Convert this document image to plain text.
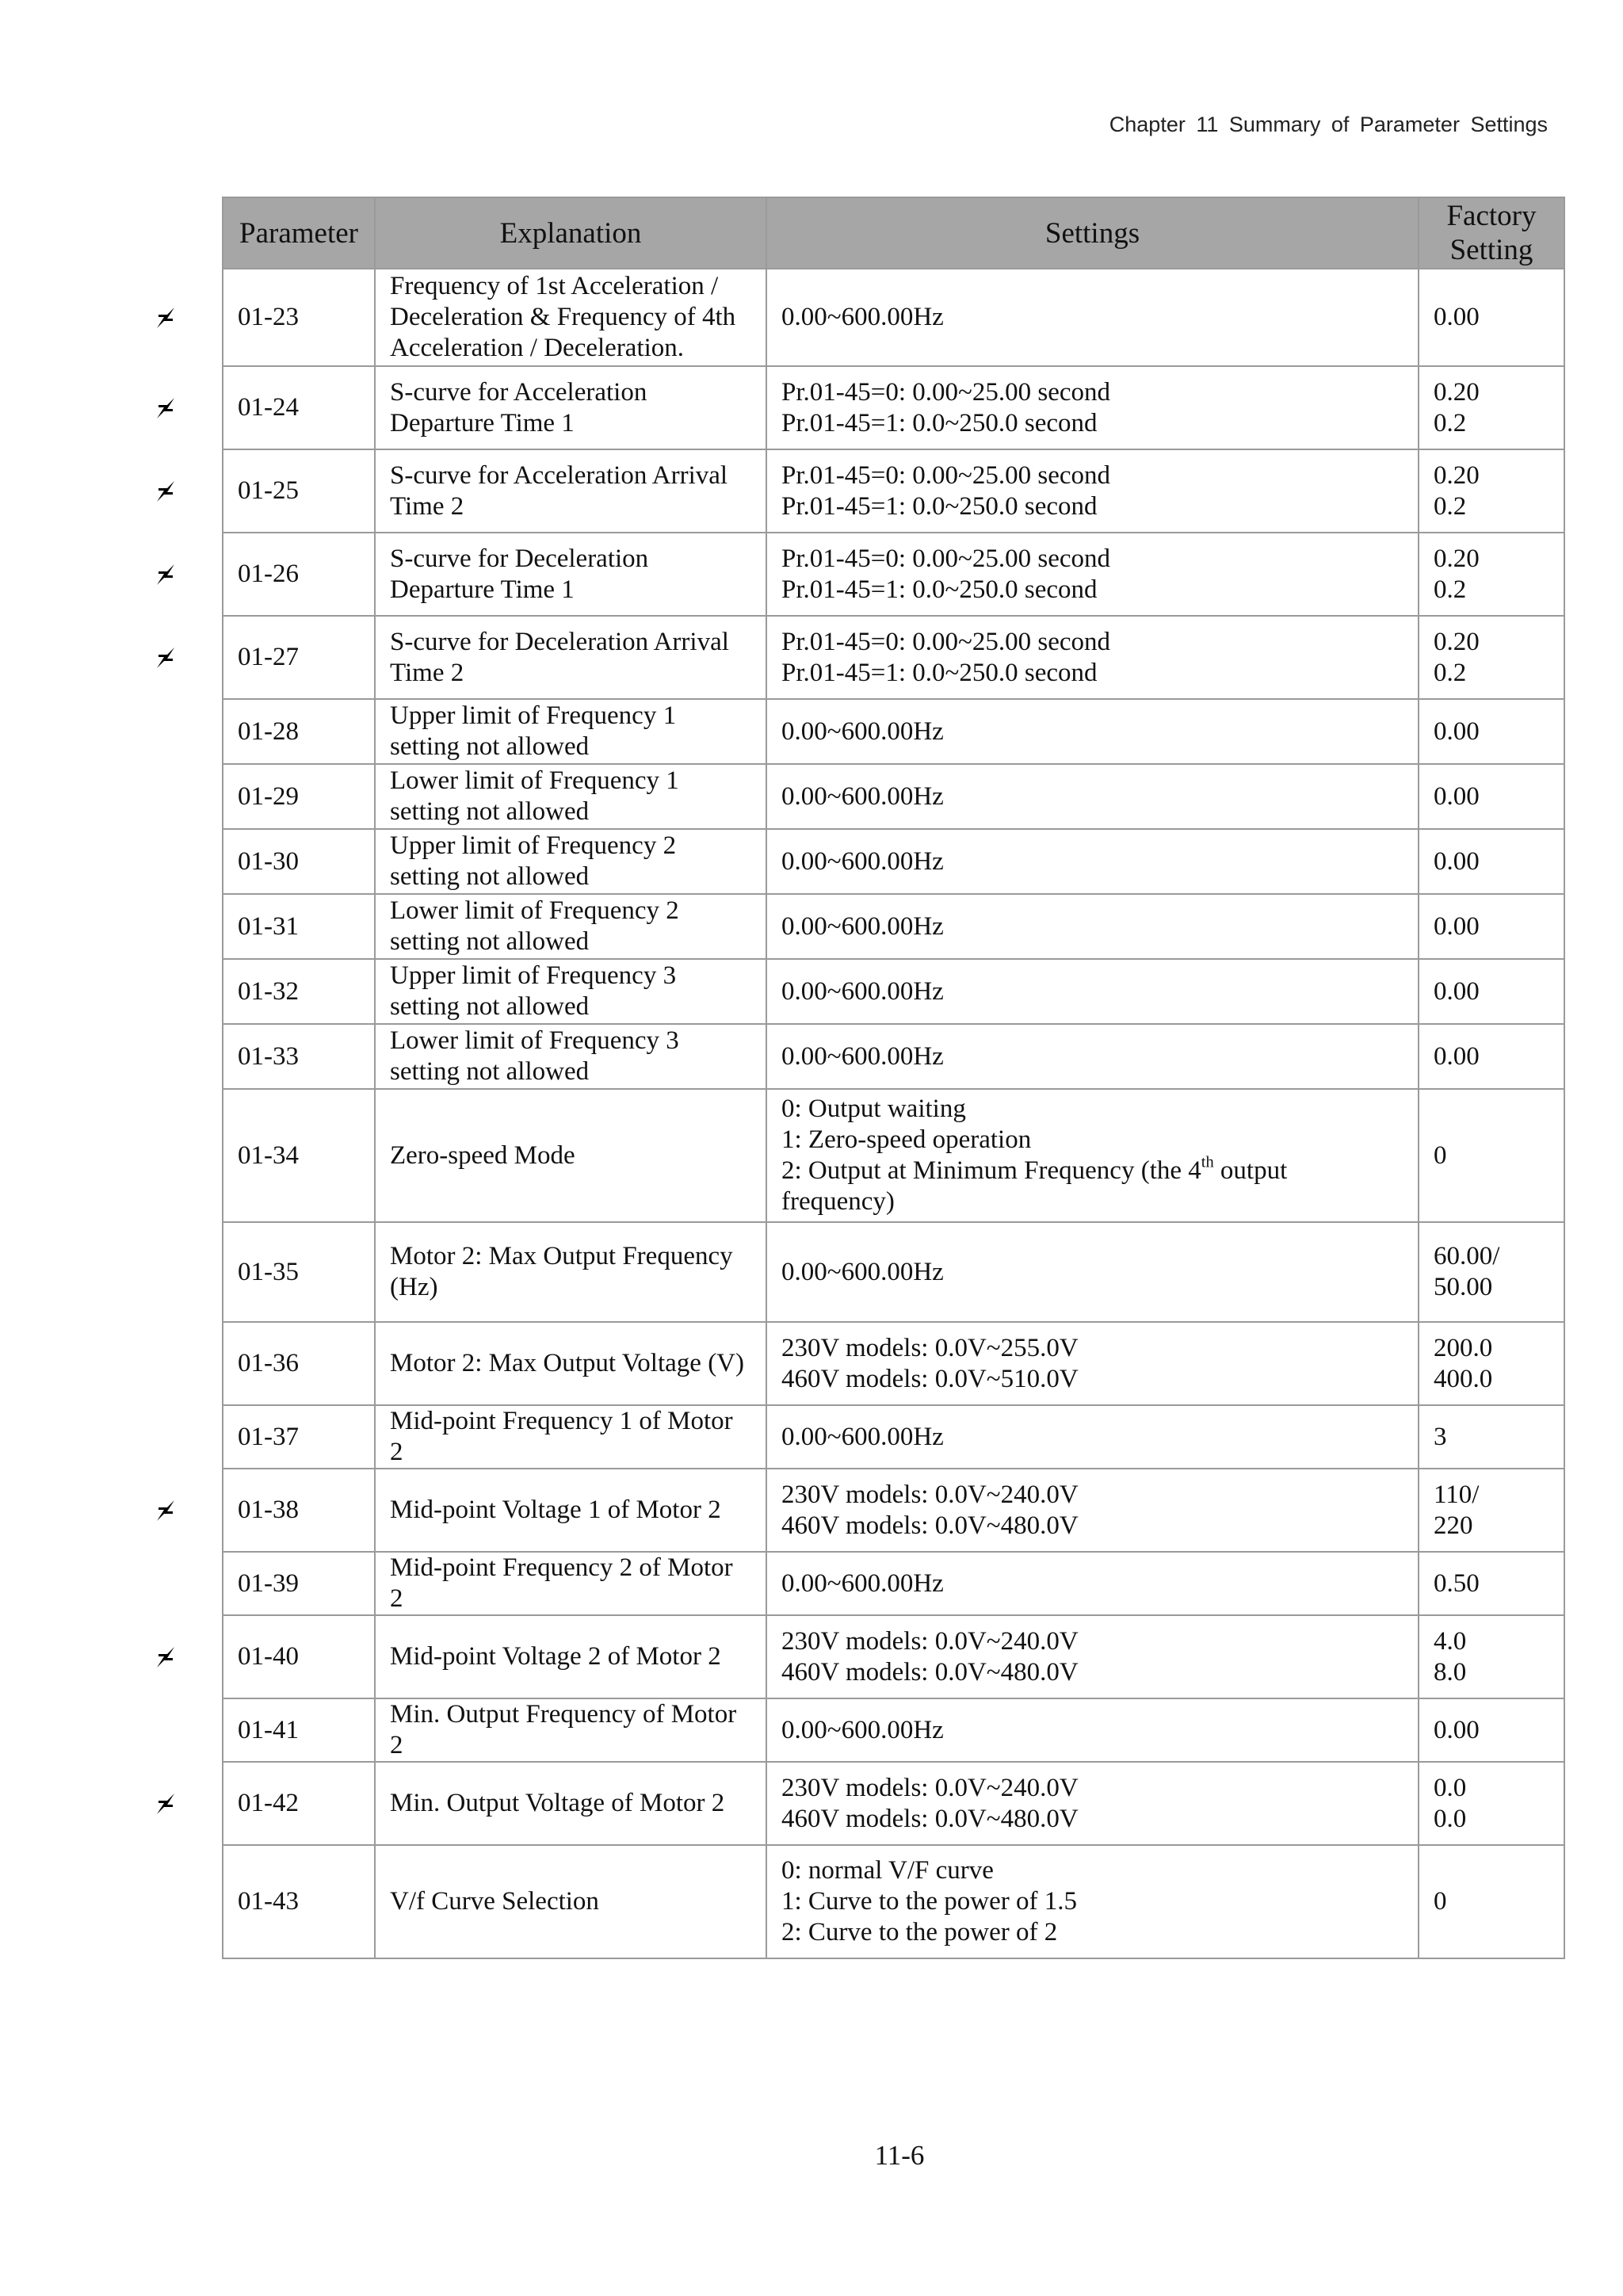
Chapter 11 Summary of Parameter Settings
Parameter	Explanation	Settings	Factory Setting

01-23	Frequency of 1st Acceleration /
Deceleration & Frequency of 4th
Acceleration / Deceleration.	0.00~600.00Hz	0.00

01-24	S-curve for Acceleration
Departure Time 1	Pr.01-45=0: 0.00~25.00 second
Pr.01-45=1: 0.0~250.0 second	0.20
0.2

01-25	S-curve for Acceleration Arrival
Time 2	Pr.01-45=0: 0.00~25.00 second
Pr.01-45=1: 0.0~250.0 second	0.20
0.2

01-26	S-curve for Deceleration
Departure Time 1	Pr.01-45=0: 0.00~25.00 second
Pr.01-45=1: 0.0~250.0 second	0.20
0.2

01-27	S-curve for Deceleration Arrival
Time 2	Pr.01-45=0: 0.00~25.00 second
Pr.01-45=1: 0.0~250.0 second	0.20
0.2

01-28	Upper limit of Frequency 1
setting not allowed	0.00~600.00Hz	0.00

01-29	Lower limit of Frequency 1
setting not allowed	0.00~600.00Hz	0.00

01-30	Upper limit of Frequency 2
setting not allowed	0.00~600.00Hz	0.00

01-31	Lower limit of Frequency 2
setting not allowed	0.00~600.00Hz	0.00

01-32	Upper limit of Frequency 3
setting not allowed	0.00~600.00Hz	0.00

01-33	Lower limit of Frequency 3
setting not allowed	0.00~600.00Hz	0.00

01-34	Zero-speed Mode	0: Output waiting
1: Zero-speed operation
2: Output at Minimum Frequency (the 4th output
frequency)	0

01-35	Motor 2: Max Output Frequency
(Hz)	0.00~600.00Hz	60.00/
50.00

01-36	Motor 2: Max Output Voltage (V)	230V models: 0.0V~255.0V
460V models: 0.0V~510.0V	200.0
400.0

01-37	Mid-point Frequency 1 of Motor 2	0.00~600.00Hz	3

01-38	Mid-point Voltage 1 of Motor 2	230V models: 0.0V~240.0V
460V models: 0.0V~480.0V	110/
220

01-39	Mid-point Frequency 2 of Motor 2	0.00~600.00Hz	0.50

01-40	Mid-point Voltage 2 of Motor 2	230V models: 0.0V~240.0V
460V models: 0.0V~480.0V	4.0
8.0

01-41	Min. Output Frequency of Motor 2	0.00~600.00Hz	0.00

01-42	Min. Output Voltage of Motor 2	230V models: 0.0V~240.0V
460V models: 0.0V~480.0V	0.0
0.0

01-43	V/f Curve Selection	0: normal V/F curve
1: Curve to the power of 1.5
2: Curve to the power of 2	0
11-6
